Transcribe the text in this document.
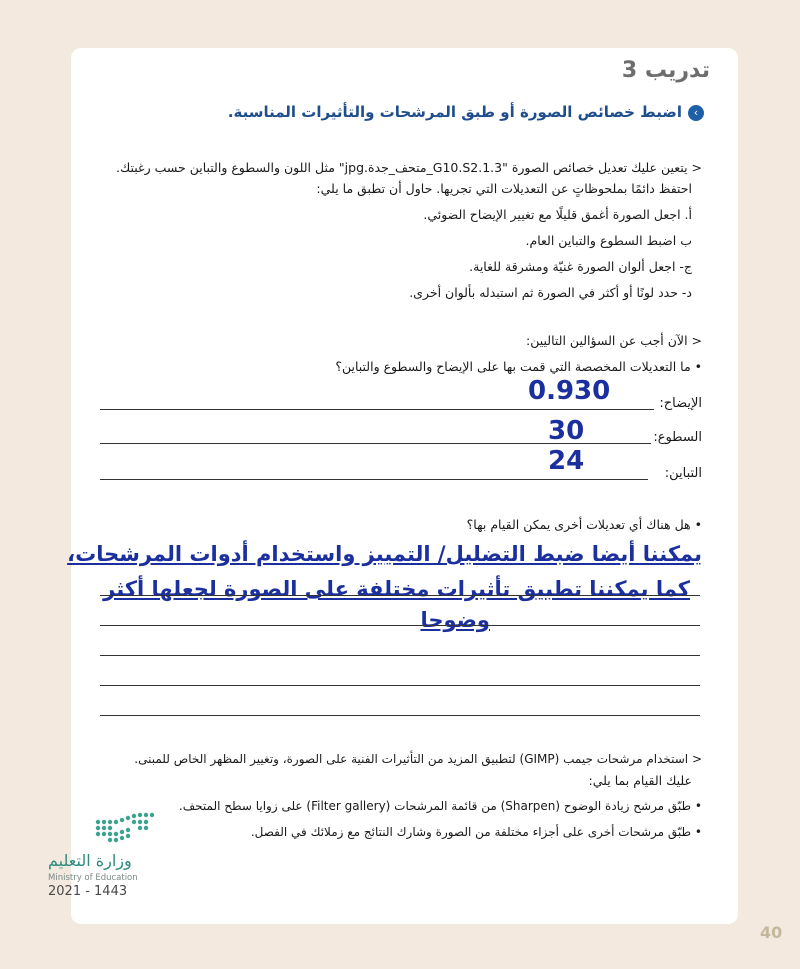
تدريب 3
‹
اضبط خصائص الصورة أو طبق المرشحات والتأثيرات المناسبة.
< يتعين عليك تعديل خصائص الصورة "G10.S2.1.3_متحف_جدة.jpg" مثل اللون والسطوع والتباين حسب رغبتك.
احتفظ دائمًا بملحوظاتٍ عن التعديلات التي تجريها. حاول أن تطبق ما يلي:
أ. اجعل الصورة أغمق قليلًا مع تغيير الإيضاح الضوئي.
ب اضبط السطوع والتباين العام.
ج- اجعل ألوان الصورة غنيّة ومشرقة للغاية.
د- حدد لونًا أو أكثر في الصورة ثم استبدله بألوان أخرى.
< الآن أجب عن السؤالين التاليين:
• ما التعديلات المخصصة التي قمت بها على الإيضاح والسطوع والتباين؟
الإيضاح:
0.930
السطوع:
30
التباين:
24
• هل هناك أي تعديلات أخرى يمكن القيام بها؟
يمكننا أيضا ضبط التضليل/ التمييز واستخدام أدوات المرشحات،
كما يمكننا تطبيق تأثيرات مختلفة على الصورة لجعلها أكثر
وضوحا
< استخدام مرشحات جيمب (GIMP) لتطبيق المزيد من التأثيرات الفنية على الصورة، وتغيير المظهر الخاص للمبنى.
عليك القيام بما يلي:
• طبّق مرشح زيادة الوضوح (Sharpen) من قائمة المرشحات (Filter gallery) على زوايا سطح المتحف.
• طبّق مرشحات أخرى على أجزاء مختلفة من الصورة وشارك النتائج مع زملائك في الفصل.
وزارة التعليم
Ministry of Education
2021 - 1443
40
